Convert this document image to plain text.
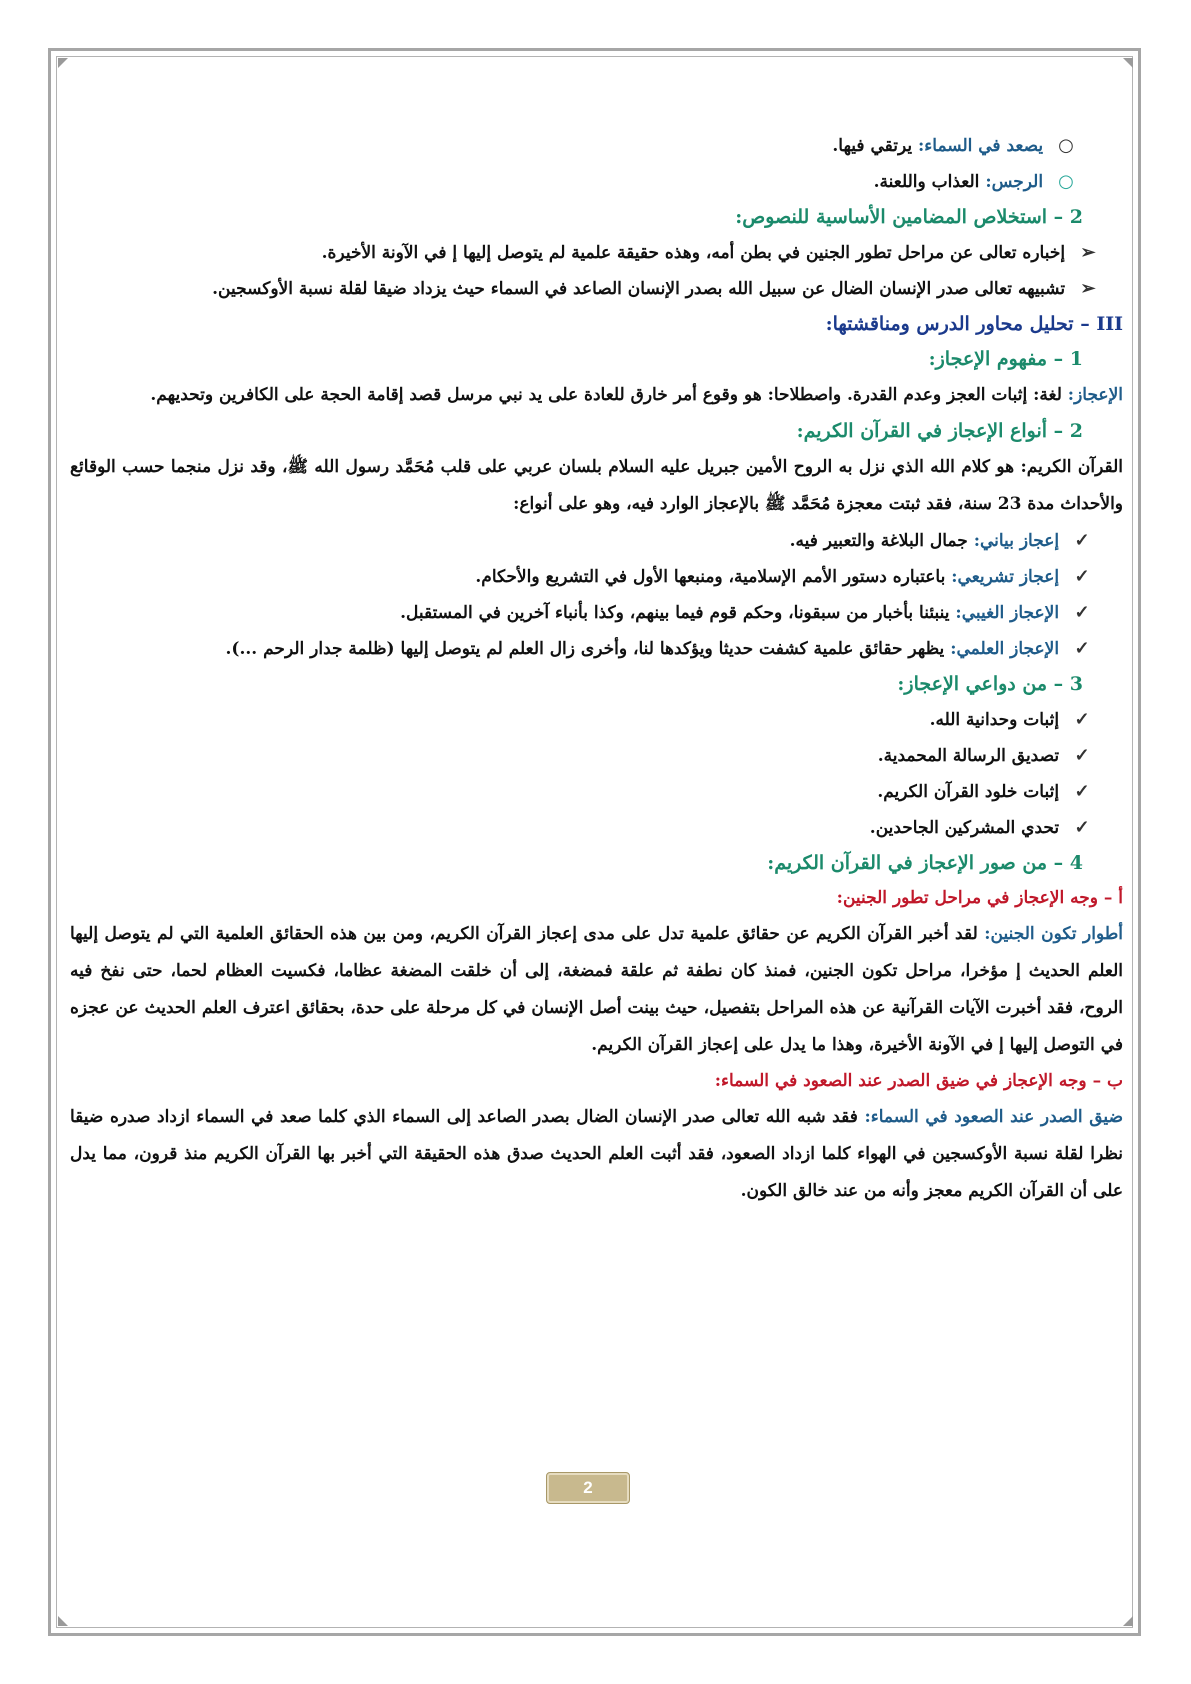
○ يصعد في السماء: يرتقي فيها.

○ الرجس: العذاب واللعنة.

2 – استخلاص المضامين الأساسية للنصوص:

➢ إخباره تعالى عن مراحل تطور الجنين في بطن أمه، وهذه حقيقة علمية لم يتوصل إليها إ في الآونة الأخيرة.

➢ تشبيهه تعالى صدر الإنسان الضال عن سبيل الله بصدر الإنسان الصاعد في السماء حيث يزداد ضيقا لقلة نسبة الأوكسجين.

III – تحليل محاور الدرس ومناقشتها:

1 – مفهوم الإعجاز:

الإعجاز: لغة: إثبات العجز وعدم القدرة. واصطلاحا: هو وقوع أمر خارق للعادة على يد نبي مرسل قصد إقامة الحجة على الكافرين وتحديهم.

2 – أنواع الإعجاز في القرآن الكريم:

القرآن الكريم: هو كلام الله الذي نزل به الروح الأمين جبريل عليه السلام بلسان عربي على قلب مُحَمَّد رسول الله ﷺ، وقد نزل منجما حسب الوقائع والأحداث مدة 23 سنة، فقد ثبتت معجزة مُحَمَّد ﷺ بالإعجاز الوارد فيه، وهو على أنواع:

✓ إعجاز بياني: جمال البلاغة والتعبير فيه.

✓ إعجاز تشريعي: باعتباره دستور الأمم الإسلامية، ومنبعها الأول في التشريع والأحكام.

✓ الإعجاز الغيبي: ينبئنا بأخبار من سبقونا، وحكم قوم فيما بينهم، وكذا بأنباء آخرين في المستقبل.

✓ الإعجاز العلمي: يظهر حقائق علمية كشفت حديثا ويؤكدها لنا، وأخرى زال العلم لم يتوصل إليها (ظلمة جدار الرحم ...).

3 – من دواعي الإعجاز:

✓ إثبات وحدانية الله.

✓ تصديق الرسالة المحمدية.

✓ إثبات خلود القرآن الكريم.

✓ تحدي المشركين الجاحدين.

4 – من صور الإعجاز في القرآن الكريم:

أ – وجه الإعجاز في مراحل تطور الجنين:

أطوار تكون الجنين: لقد أخبر القرآن الكريم عن حقائق علمية تدل على مدى إعجاز القرآن الكريم، ومن بين هذه الحقائق العلمية التي لم يتوصل إليها العلم الحديث إ مؤخرا، مراحل تكون الجنين، فمنذ كان نطفة ثم علقة فمضغة، إلى أن خلقت المضغة عظاما، فكسيت العظام لحما، حتى نفخ فيه الروح، فقد أخبرت الآيات القرآنية عن هذه المراحل بتفصيل، حيث بينت أصل الإنسان في كل مرحلة على حدة، بحقائق اعترف العلم الحديث عن عجزه في التوصل إليها إ في الآونة الأخيرة، وهذا ما يدل على إعجاز القرآن الكريم.

ب – وجه الإعجاز في ضيق الصدر عند الصعود في السماء:

ضيق الصدر عند الصعود في السماء: فقد شبه الله تعالى صدر الإنسان الضال بصدر الصاعد إلى السماء الذي كلما صعد في السماء ازداد صدره ضيقا نظرا لقلة نسبة الأوكسجين في الهواء كلما ازداد الصعود، فقد أثبت العلم الحديث صدق هذه الحقيقة التي أخبر بها القرآن الكريم منذ قرون، مما يدل على أن القرآن الكريم معجز وأنه من عند خالق الكون.

2
